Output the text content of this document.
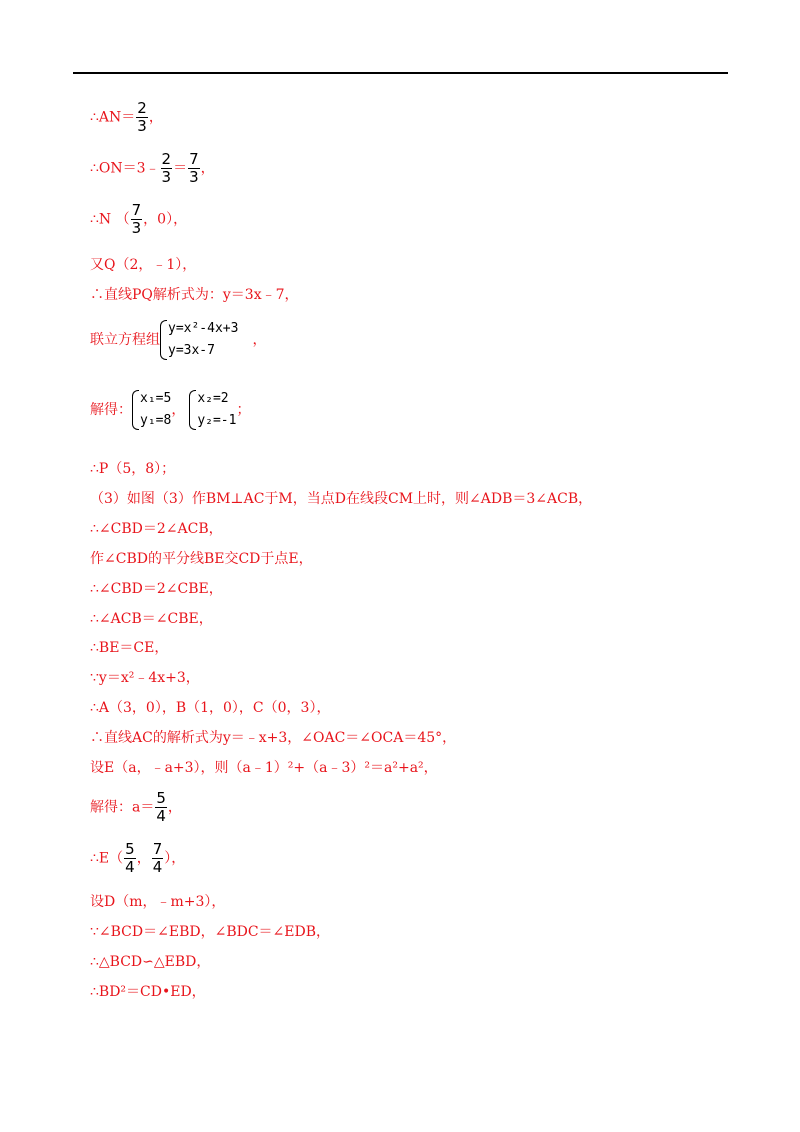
∴AN＝ $\frac{2}{3}$ ，
∴ON＝3﹣ $\frac{2}{3} = \frac{7}{3}$ ，
∴N （ $\frac{7}{3}$ ，0），
又Q（2，﹣1），
∴直线PQ解析式为：y＝3x﹣7，
联立方程组
y=x²-4x+3
y=3x-7
，
解得：
x₁=5
y₁=8
，
x₂=2
y₂=-1
；
∴P（5，8）；
（3）如图（3）作BM⊥AC于M，当点D在线段CM上时，则∠ADB＝3∠ACB，
∴∠CBD＝2∠ACB，
作∠CBD的平分线BE交CD于点E，
∴∠CBD＝2∠CBE，
∴∠ACB＝∠CBE，
∴BE＝CE，
∵y＝x²﹣4x+3，
∴A（3，0），B（1，0），C（0，3），
∴直线AC的解析式为y＝﹣x+3，∠OAC＝∠OCA＝45°，
设E（a，﹣a+3），则（a﹣1）²+（a﹣3）²＝a²+a²，
解得：$a= \frac{5}{4}$ ，
∴E（ $\frac{5}{4}$ ， $\frac{7}{4}$ ），
设D（m，﹣m+3），
∵∠BCD＝∠EBD，∠BDC＝∠EDB，
∴△BCD∽△EBD，
∴BD²＝CD•ED，
